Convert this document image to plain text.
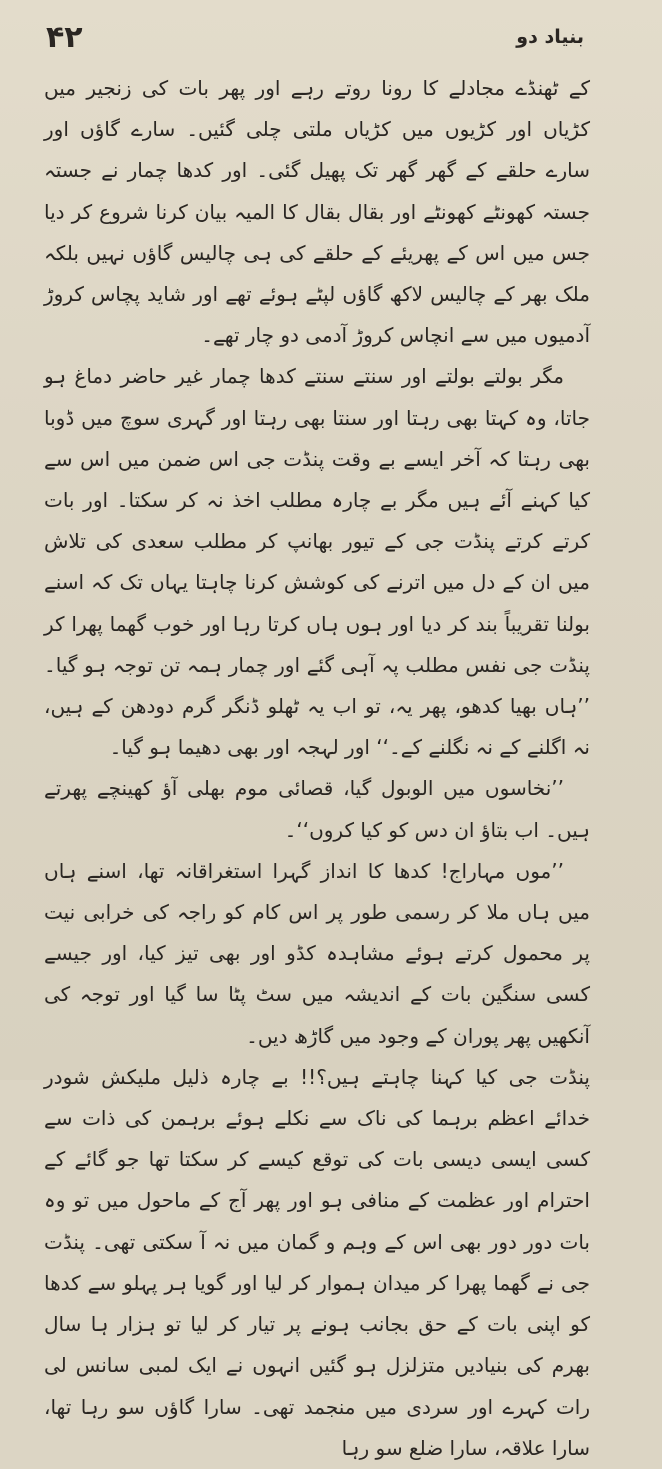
بنیاد دو
۴۲

کے ٹھنڈے مجادلے کا رونا روتے رہے اور پھر بات کی زنجیر میں کڑیاں اور کڑیوں میں کڑیاں ملتی چلی گئیں۔ سارے گاؤں اور سارے حلقے کے گھر گھر تک پھیل گئی۔ اور کدھا چمار نے جستہ جستہ کھونٹے کھونٹے اور بقال بقال کا المیہ بیان کرنا شروع کر دیا جس میں اس کے پھریئے کے حلقے کی ہی چالیس گاؤں نہیں بلکہ ملک بھر کے چالیس لاکھ گاؤں لپٹے ہوئے تھے اور شاید پچاس کروڑ آدمیوں میں سے انچاس کروڑ آدمی دو چار تھے۔

مگر بولتے بولتے اور سنتے سنتے کدھا چمار غیر حاضر دماغ ہو جاتا، وہ کہتا بھی رہتا اور سنتا بھی رہتا اور گہری سوچ میں ڈوبا بھی رہتا کہ آخر ایسے بے وقت پنڈت جی اس ضمن میں اس سے کیا کہنے آئے ہیں مگر بے چارہ مطلب اخذ نہ کر سکتا۔ اور بات کرتے کرتے پنڈت جی کے تیور بھانپ کر مطلب سعدی کی تلاش میں ان کے دل میں اترنے کی کوشش کرنا چاہتا یہاں تک کہ اسنے بولنا تقریباً بند کر دیا اور ہوں ہاں کرتا رہا اور خوب گھما پھرا کر پنڈت جی نفس مطلب پہ آہی گئے اور چمار ہمہ تن توجہ ہو گیا۔ ’’ہاں بھیا کدھو، پھر یہ، تو اب یہ ٹھلو ڈنگر گرم دودھن کے ہیں، نہ اگلنے کے نہ نگلنے کے۔‘‘ اور لہجہ اور بھی دھیما ہو گیا۔

’’نخاسوں میں الوبول گیا، قصائی موم بھلی آؤ کھینچے پھرتے ہیں۔ اب بتاؤ ان دس کو کیا کروں‘‘۔

’’موں مہاراج! کدھا کا انداز گہرا استغراقانہ تھا، اسنے ہاں میں ہاں ملا کر رسمی طور پر اس کام کو راجہ کی خرابی نیت پر محمول کرتے ہوئے مشاہدہ کڈو اور بھی تیز کیا، اور جیسے کسی سنگین بات کے اندیشہ میں سٹ پٹا سا گیا اور توجہ کی آنکھیں پھر پوران کے وجود میں گاڑھ دیں۔

پنڈت جی کیا کہنا چاہتے ہیں؟!! بے چارہ ذلیل ملیکش شودر خدائے اعظم برہما کی ناک سے نکلے ہوئے برہمن کی ذات سے کسی ایسی دیسی بات کی توقع کیسے کر سکتا تھا جو گائے کے احترام اور عظمت کے منافی ہو اور پھر آج کے ماحول میں تو وہ بات دور دور بھی اس کے وہم و گمان میں نہ آ سکتی تھی۔ پنڈت جی نے گھما پھرا کر میدان ہموار کر لیا اور گویا ہر پہلو سے کدھا کو اپنی بات کے حق بجانب ہونے پر تیار کر لیا تو ہزار ہا سال بھرم کی بنیادیں متزلزل ہو گئیں انہوں نے ایک لمبی سانس لی رات کہرے اور سردی میں منجمد تھی۔ سارا گاؤں سو رہا تھا، سارا علاقہ، سارا ضلع سو رہا
